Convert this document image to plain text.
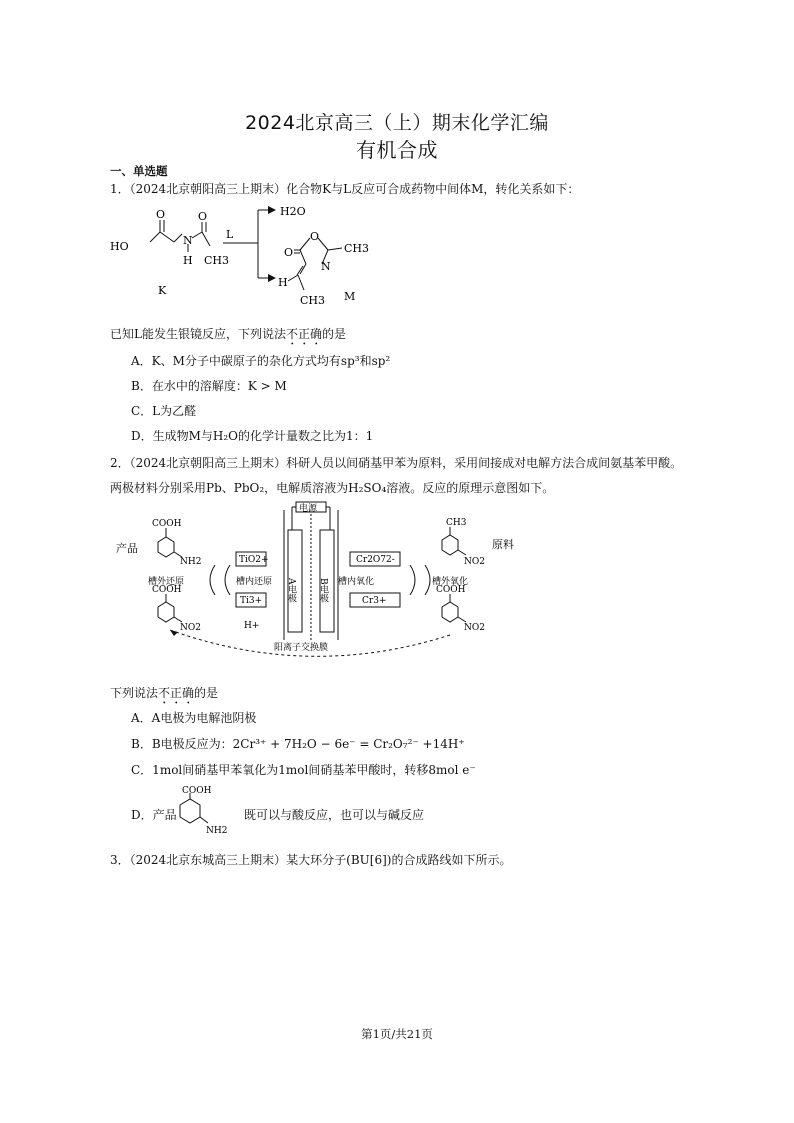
2024北京高三（上）期末化学汇编
有机合成
一、单选题
1．（2024北京朝阳高三上期末）化合物K与L反应可合成药物中间体M，转化关系如下：
O	O
HO	N
H CH3
K
L
H2O
O
O
N
CH3
H
CH3 M
已知L能发生银镜反应，下列说法不正确的是
A．K、M分子中碳原子的杂化方式均有sp³和sp²
B．在水中的溶解度：K > M
C．L为乙醛
D．生成物M与H₂O的化学计量数之比为1：1
2．（2024北京朝阳高三上期末）科研人员以间硝基甲苯为原料，采用间接成对电解方法合成间氨基苯甲酸。
两极材料分别采用Pb、PbO₂，电解质溶液为H₂SO₄溶液。反应的原理示意图如下。
产品	原料
电源
COOH
NH2
COOH
NO2
CH3
NO2
COOH
NO2
TiO2+
Ti3+
H+
Cr2O72-
Cr3+
槽外还原	槽内还原	槽内氧化	槽外氧化
A电极 B电极
阳离子交换膜
下列说法不正确的是
A．A电极为电解池阴极
B．B电极反应为：2Cr³⁺ + 7H₂O − 6e⁻ = Cr₂O₇²⁻ +14H⁺
C．1mol间硝基甲苯氧化为1mol间硝基苯甲酸时，转移8mol e⁻
D．产品
COOH
NH2
既可以与酸反应，也可以与碱反应
3．（2024北京东城高三上期末）某大环分子(BU[6])的合成路线如下所示。
第1页/共21页
